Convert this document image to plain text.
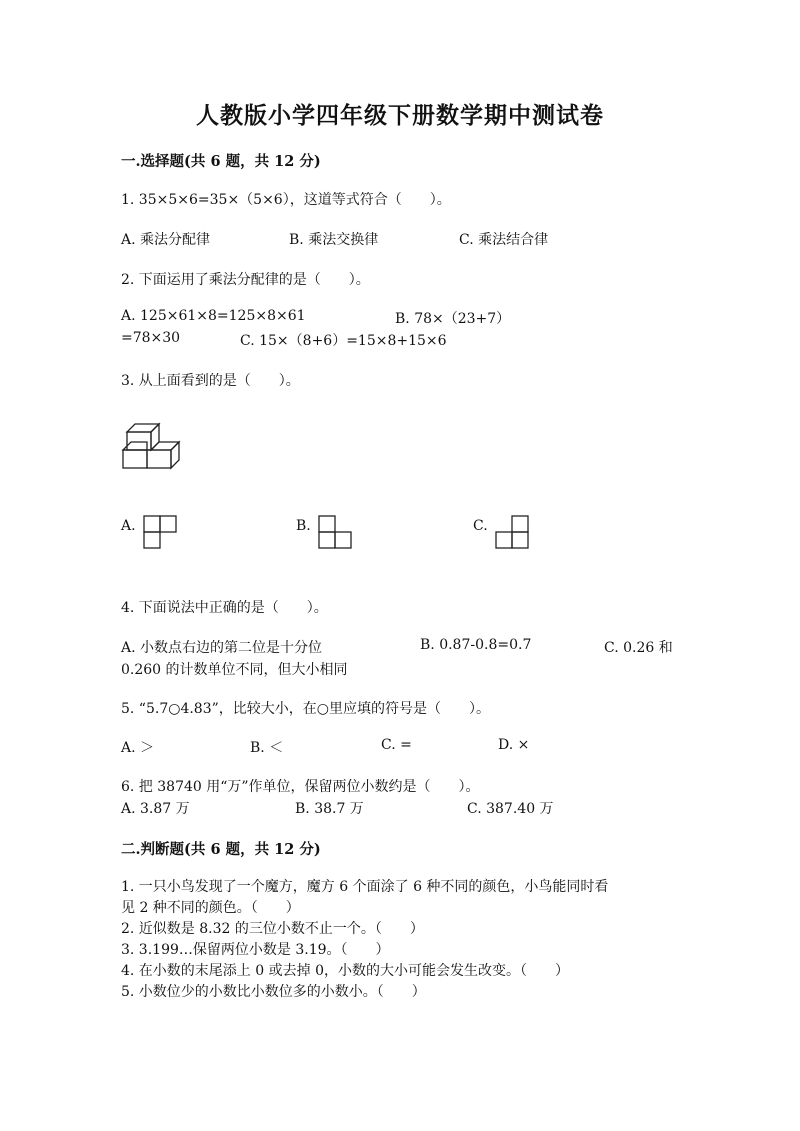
人教版小学四年级下册数学期中测试卷
一.选择题(共 6 题，共 12 分)
1. 35×5×6=35×（5×6），这道等式符合（　　）。
A. 乘法分配律	B. 乘法交换律	C. 乘法结合律
2. 下面运用了乘法分配律的是（　　）。
A. 125×61×8=125×8×61	B. 78×（23+7）
=78×30	C. 15×（8+6）=15×8+15×6
3. 从上面看到的是（　　）。
A.	B.	C.
4. 下面说法中正确的是（　　）。
A. 小数点右边的第二位是十分位	B. 0.87-0.8=0.7	C. 0.26 和
0.260 的计数单位不同，但大小相同
5. “5.7○4.83”，比较大小，在○里应填的符号是（　　）。
A. ＞	B. ＜	C. =	D. ×
6. 把 38740 用“万”作单位，保留两位小数约是（　　）。
A. 3.87 万	B. 38.7 万	C. 387.40 万
二.判断题(共 6 题，共 12 分)
1. 一只小鸟发现了一个魔方，魔方 6 个面涂了 6 种不同的颜色，小鸟能同时看
见 2 种不同的颜色。（　　）
2. 近似数是 8.32 的三位小数不止一个。（　　）
3. 3.199…保留两位小数是 3.19。（　　）
4. 在小数的末尾添上 0 或去掉 0，小数的大小可能会发生改变。（　　）
5. 小数位少的小数比小数位多的小数小。（　　）
